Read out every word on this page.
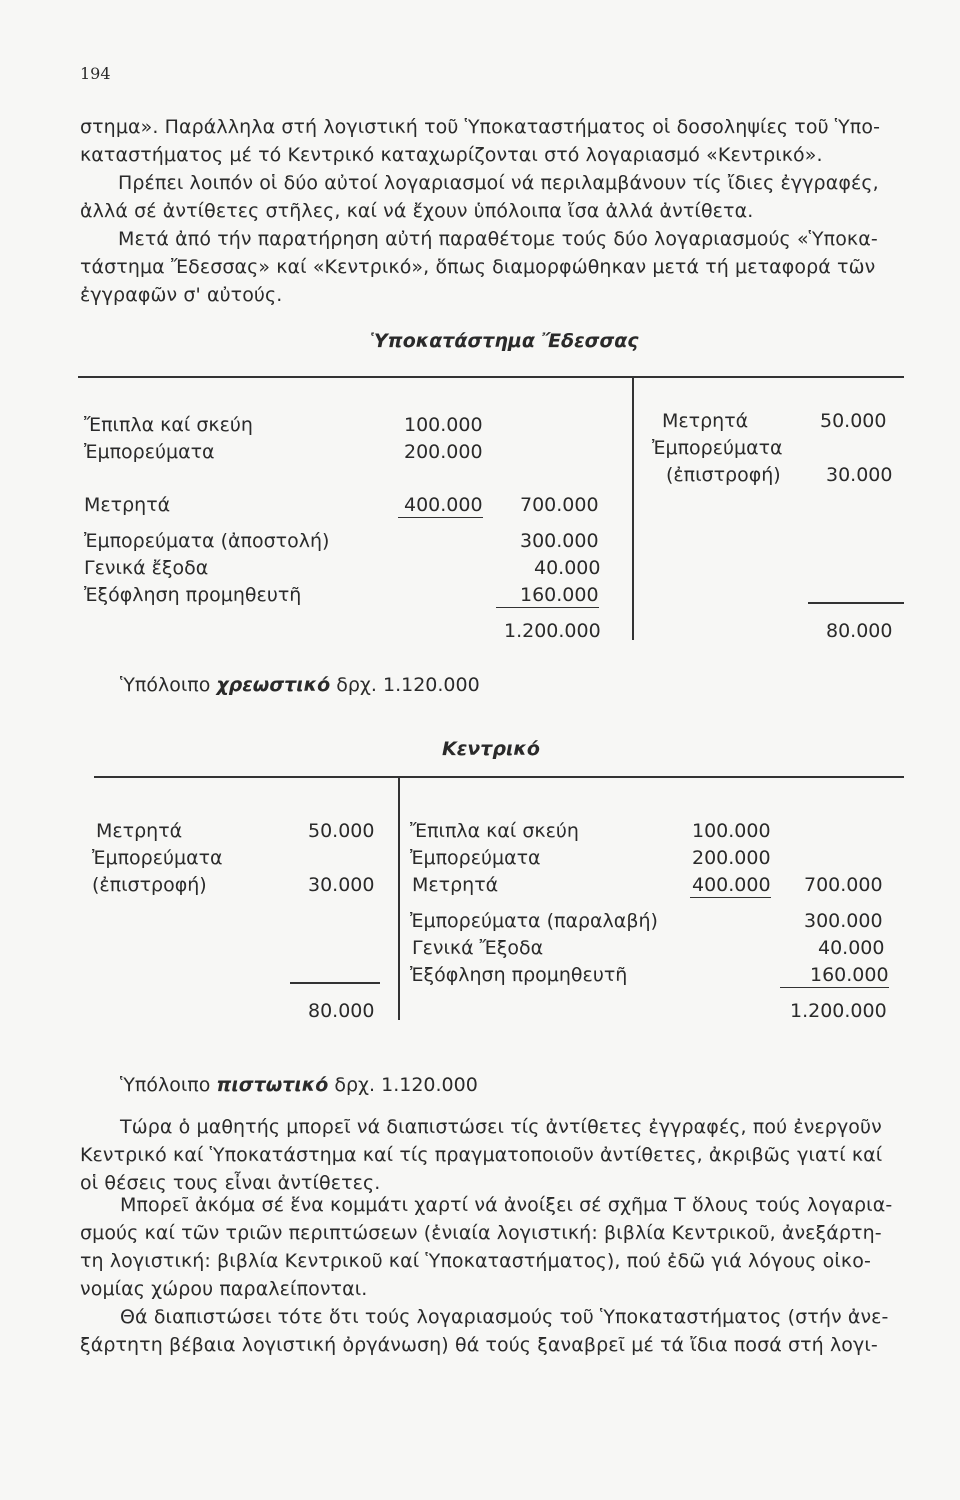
194
στημα». Παράλληλα στή λογιστική τοῦ Ὑποκαταστήματος οἱ δοσοληψίες τοῦ Ὑπο-
καταστήματος μέ τό Κεντρικό καταχωρίζονται στό λογαριασμό «Κεντρικό».
Πρέπει λοιπόν οἱ δύο αὐτοί λογαριασμοί νά περιλαμβάνουν τίς ἴδιες ἐγγραφές,
ἀλλά σέ ἀντίθετες στῆλες, καί νά ἔχουν ὑπόλοιπα ἴσα ἀλλά ἀντίθετα.
Μετά ἀπό τήν παρατήρηση αὐτή παραθέτομε τούς δύο λογαριασμούς «Ὑποκα-
τάστημα Ἔδεσσας» καί «Κεντρικό», ὅπως διαμορφώθηκαν μετά τή μεταφορά τῶν
ἐγγραφῶν σ' αὐτούς.
Ὑποκατάστημα Ἔδεσσας
Ἔπιπλα καί σκεύη	100.000
Ἐμπορεύματα	200.000
Μετρητά	400.000 700.000
Ἐμπορεύματα (ἀποστολή)	300.000
Γενικά ἔξοδα	40.000
Ἐξόφληση προμηθευτῆ	160.000
1.200.000
Μετρητά	50.000
Ἐμπορεύματα
(ἐπιστροφή) 30.000
80.000
Ὑπόλοιπο χρεωστικό δρχ. 1.120.000
Κεντρικό
Μετρητά	50.000
Ἐμπορεύματα
(ἐπιστροφή)	30.000
80.000
Ἔπιπλα καί σκεύη	100.000
Ἐμπορεύματα	200.000
Μετρητά	400.000 700.000
Ἐμπορεύματα (παραλαβή)	300.000
Γενικά Ἔξοδα	40.000
Ἐξόφληση προμηθευτῆ	160.000
1.200.000
Ὑπόλοιπο πιστωτικό δρχ. 1.120.000
Τώρα ὁ μαθητής μπορεῖ νά διαπιστώσει τίς ἀντίθετες ἐγγραφές, πού ἐνεργοῦν
Κεντρικό καί Ὑποκατάστημα καί τίς πραγματοποιοῦν ἀντίθετες, ἀκριβῶς γιατί καί
οἱ θέσεις τους εἶναι ἀντίθετες.
Μπορεῖ ἀκόμα σέ ἕνα κομμάτι χαρτί νά ἀνοίξει σέ σχῆμα Τ ὅλους τούς λογαρια-
σμούς καί τῶν τριῶν περιπτώσεων (ἑνιαία λογιστική: βιβλία Κεντρικοῦ, ἀνεξάρτη-
τη λογιστική: βιβλία Κεντρικοῦ καί Ὑποκαταστήματος), πού ἐδῶ γιά λόγους οἰκο-
νομίας χώρου παραλείπονται.
Θά διαπιστώσει τότε ὅτι τούς λογαριασμούς τοῦ Ὑποκαταστήματος (στήν ἀνε-
ξάρτητη βέβαια λογιστική ὀργάνωση) θά τούς ξαναβρεῖ μέ τά ἴδια ποσά στή λογι-
